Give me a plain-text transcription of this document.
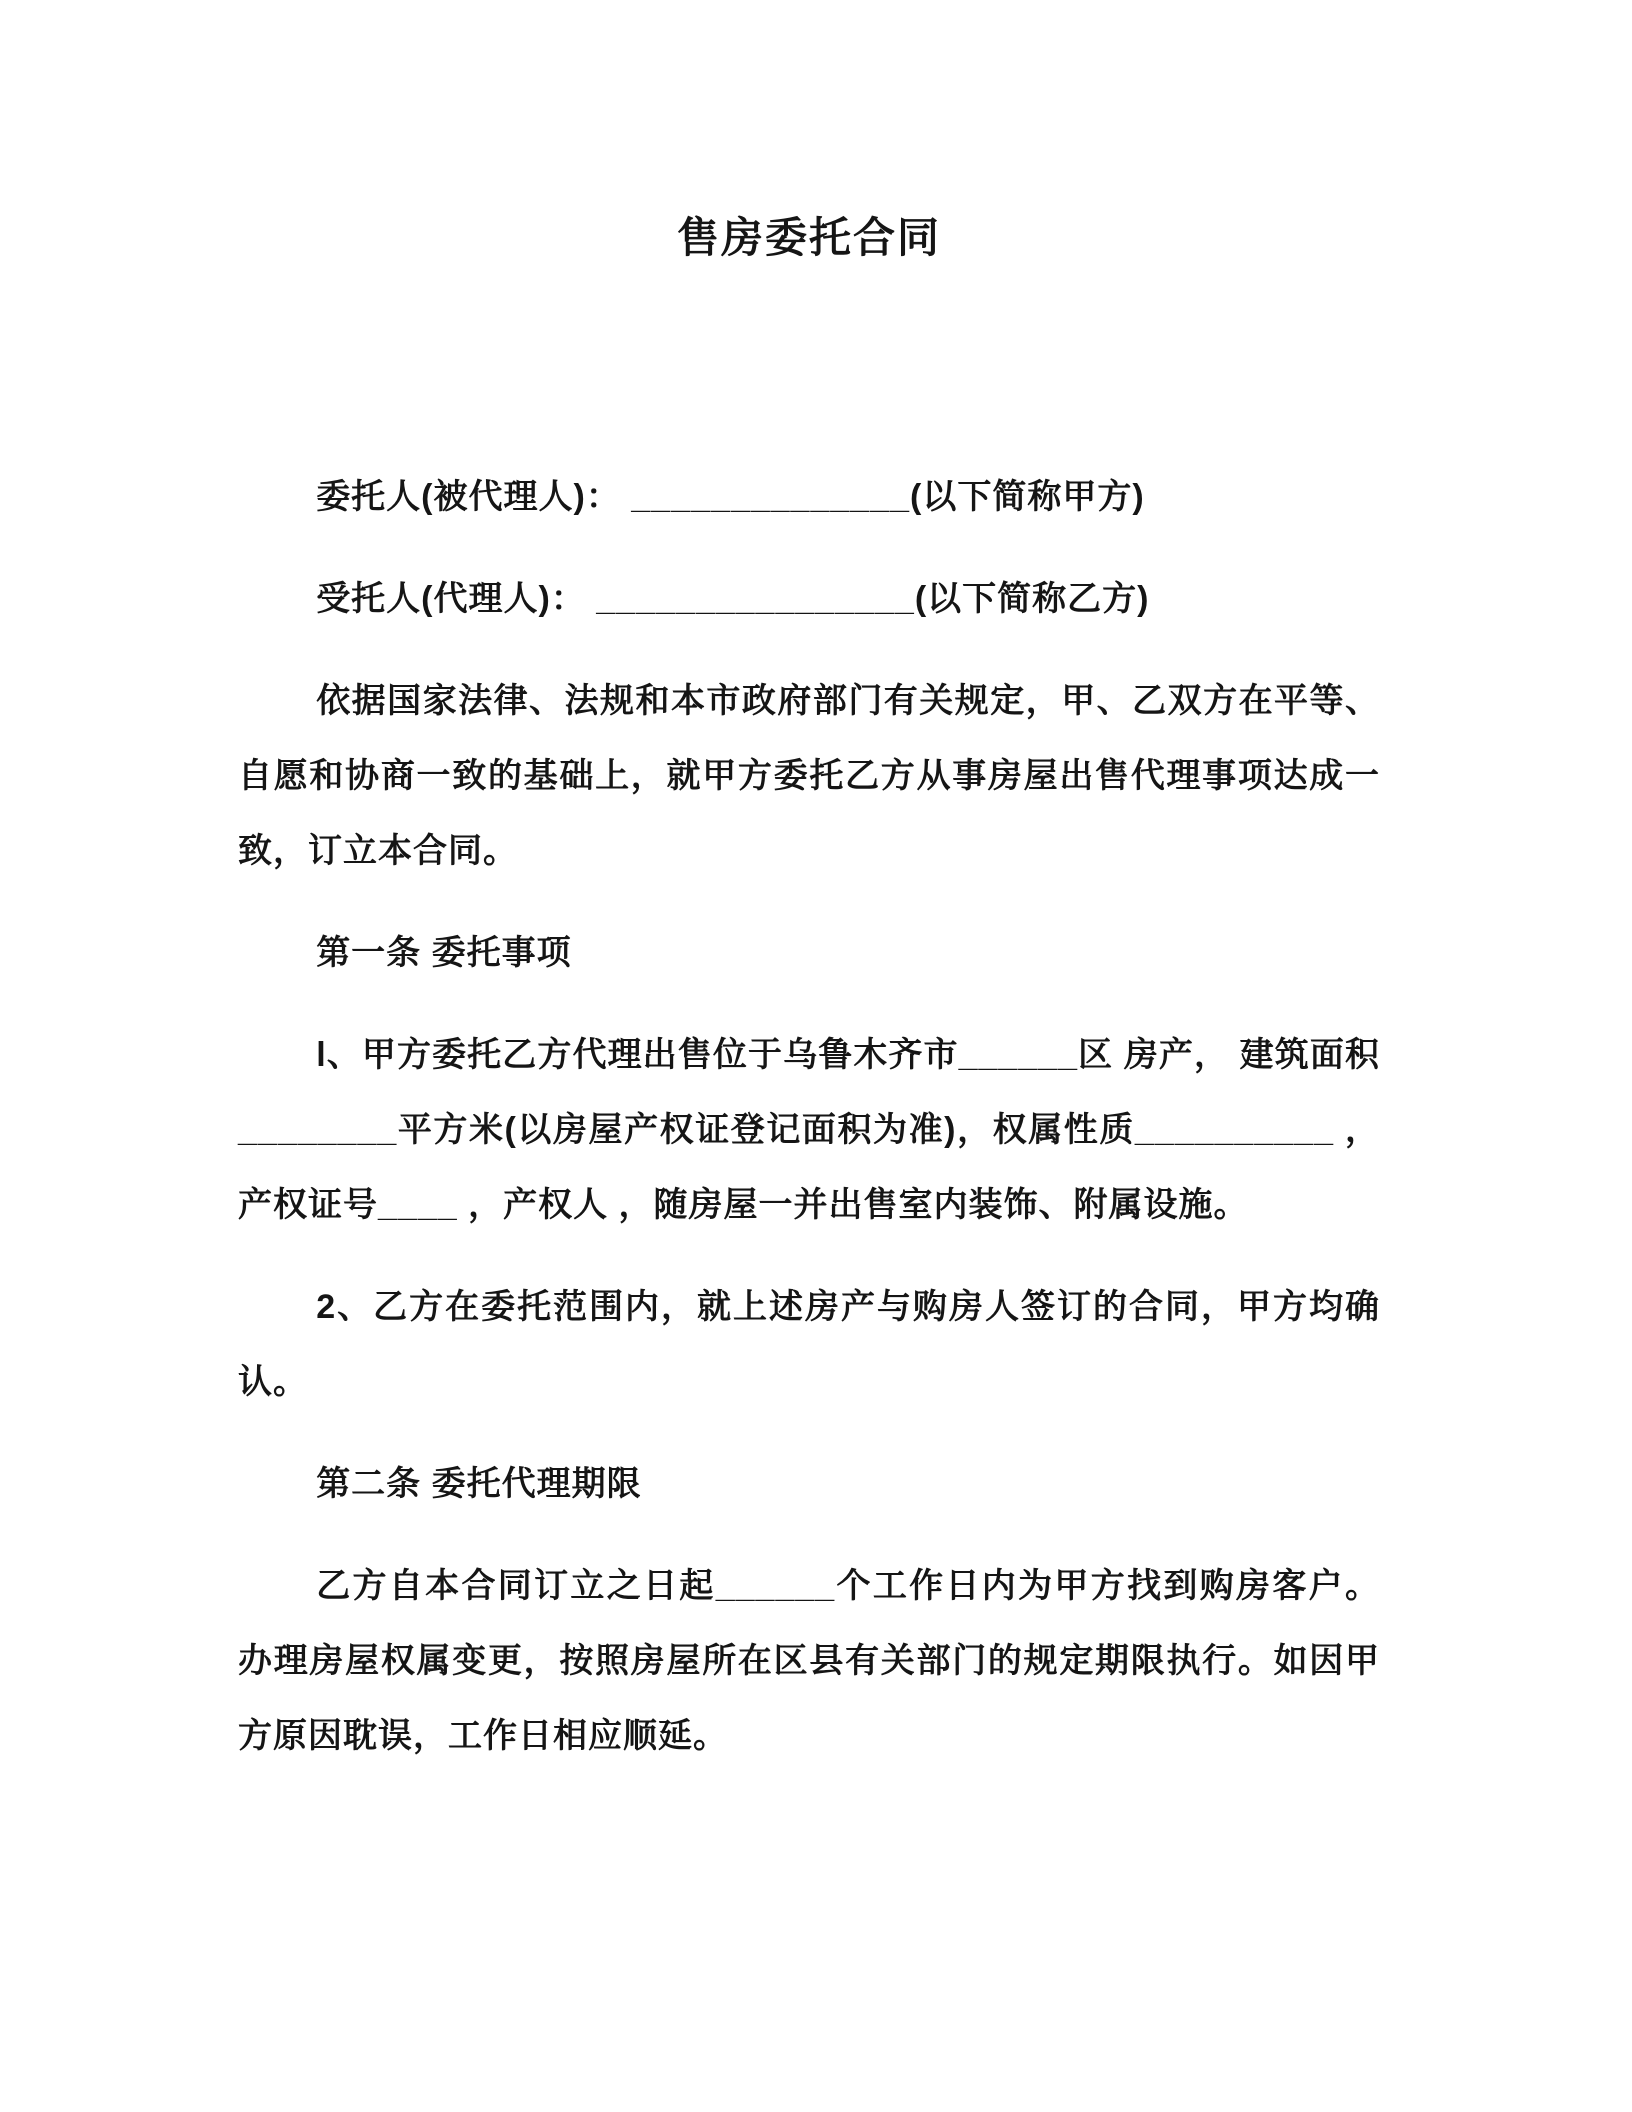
售房委托合同

委托人(被代理人)： ______________(以下简称甲方)

受托人(代理人)： ________________(以下简称乙方)

依据国家法律、法规和本市政府部门有关规定，甲、乙双方在平等、自愿和协商一致的基础上，就甲方委托乙方从事房屋出售代理事项达成一致，订立本合同。

第一条 委托事项

l、甲方委托乙方代理出售位于乌鲁木齐市______区 房产， 建筑面积________平方米(以房屋产权证登记面积为准)，权属性质__________ ，产权证号____ ，产权人 ，随房屋一并出售室内装饰、附属设施。

2、乙方在委托范围内，就上述房产与购房人签订的合同，甲方均确认。

第二条 委托代理期限

乙方自本合同订立之日起______个工作日内为甲方找到购房客户。办理房屋权属变更，按照房屋所在区县有关部门的规定期限执行。如因甲方原因耽误，工作日相应顺延。
